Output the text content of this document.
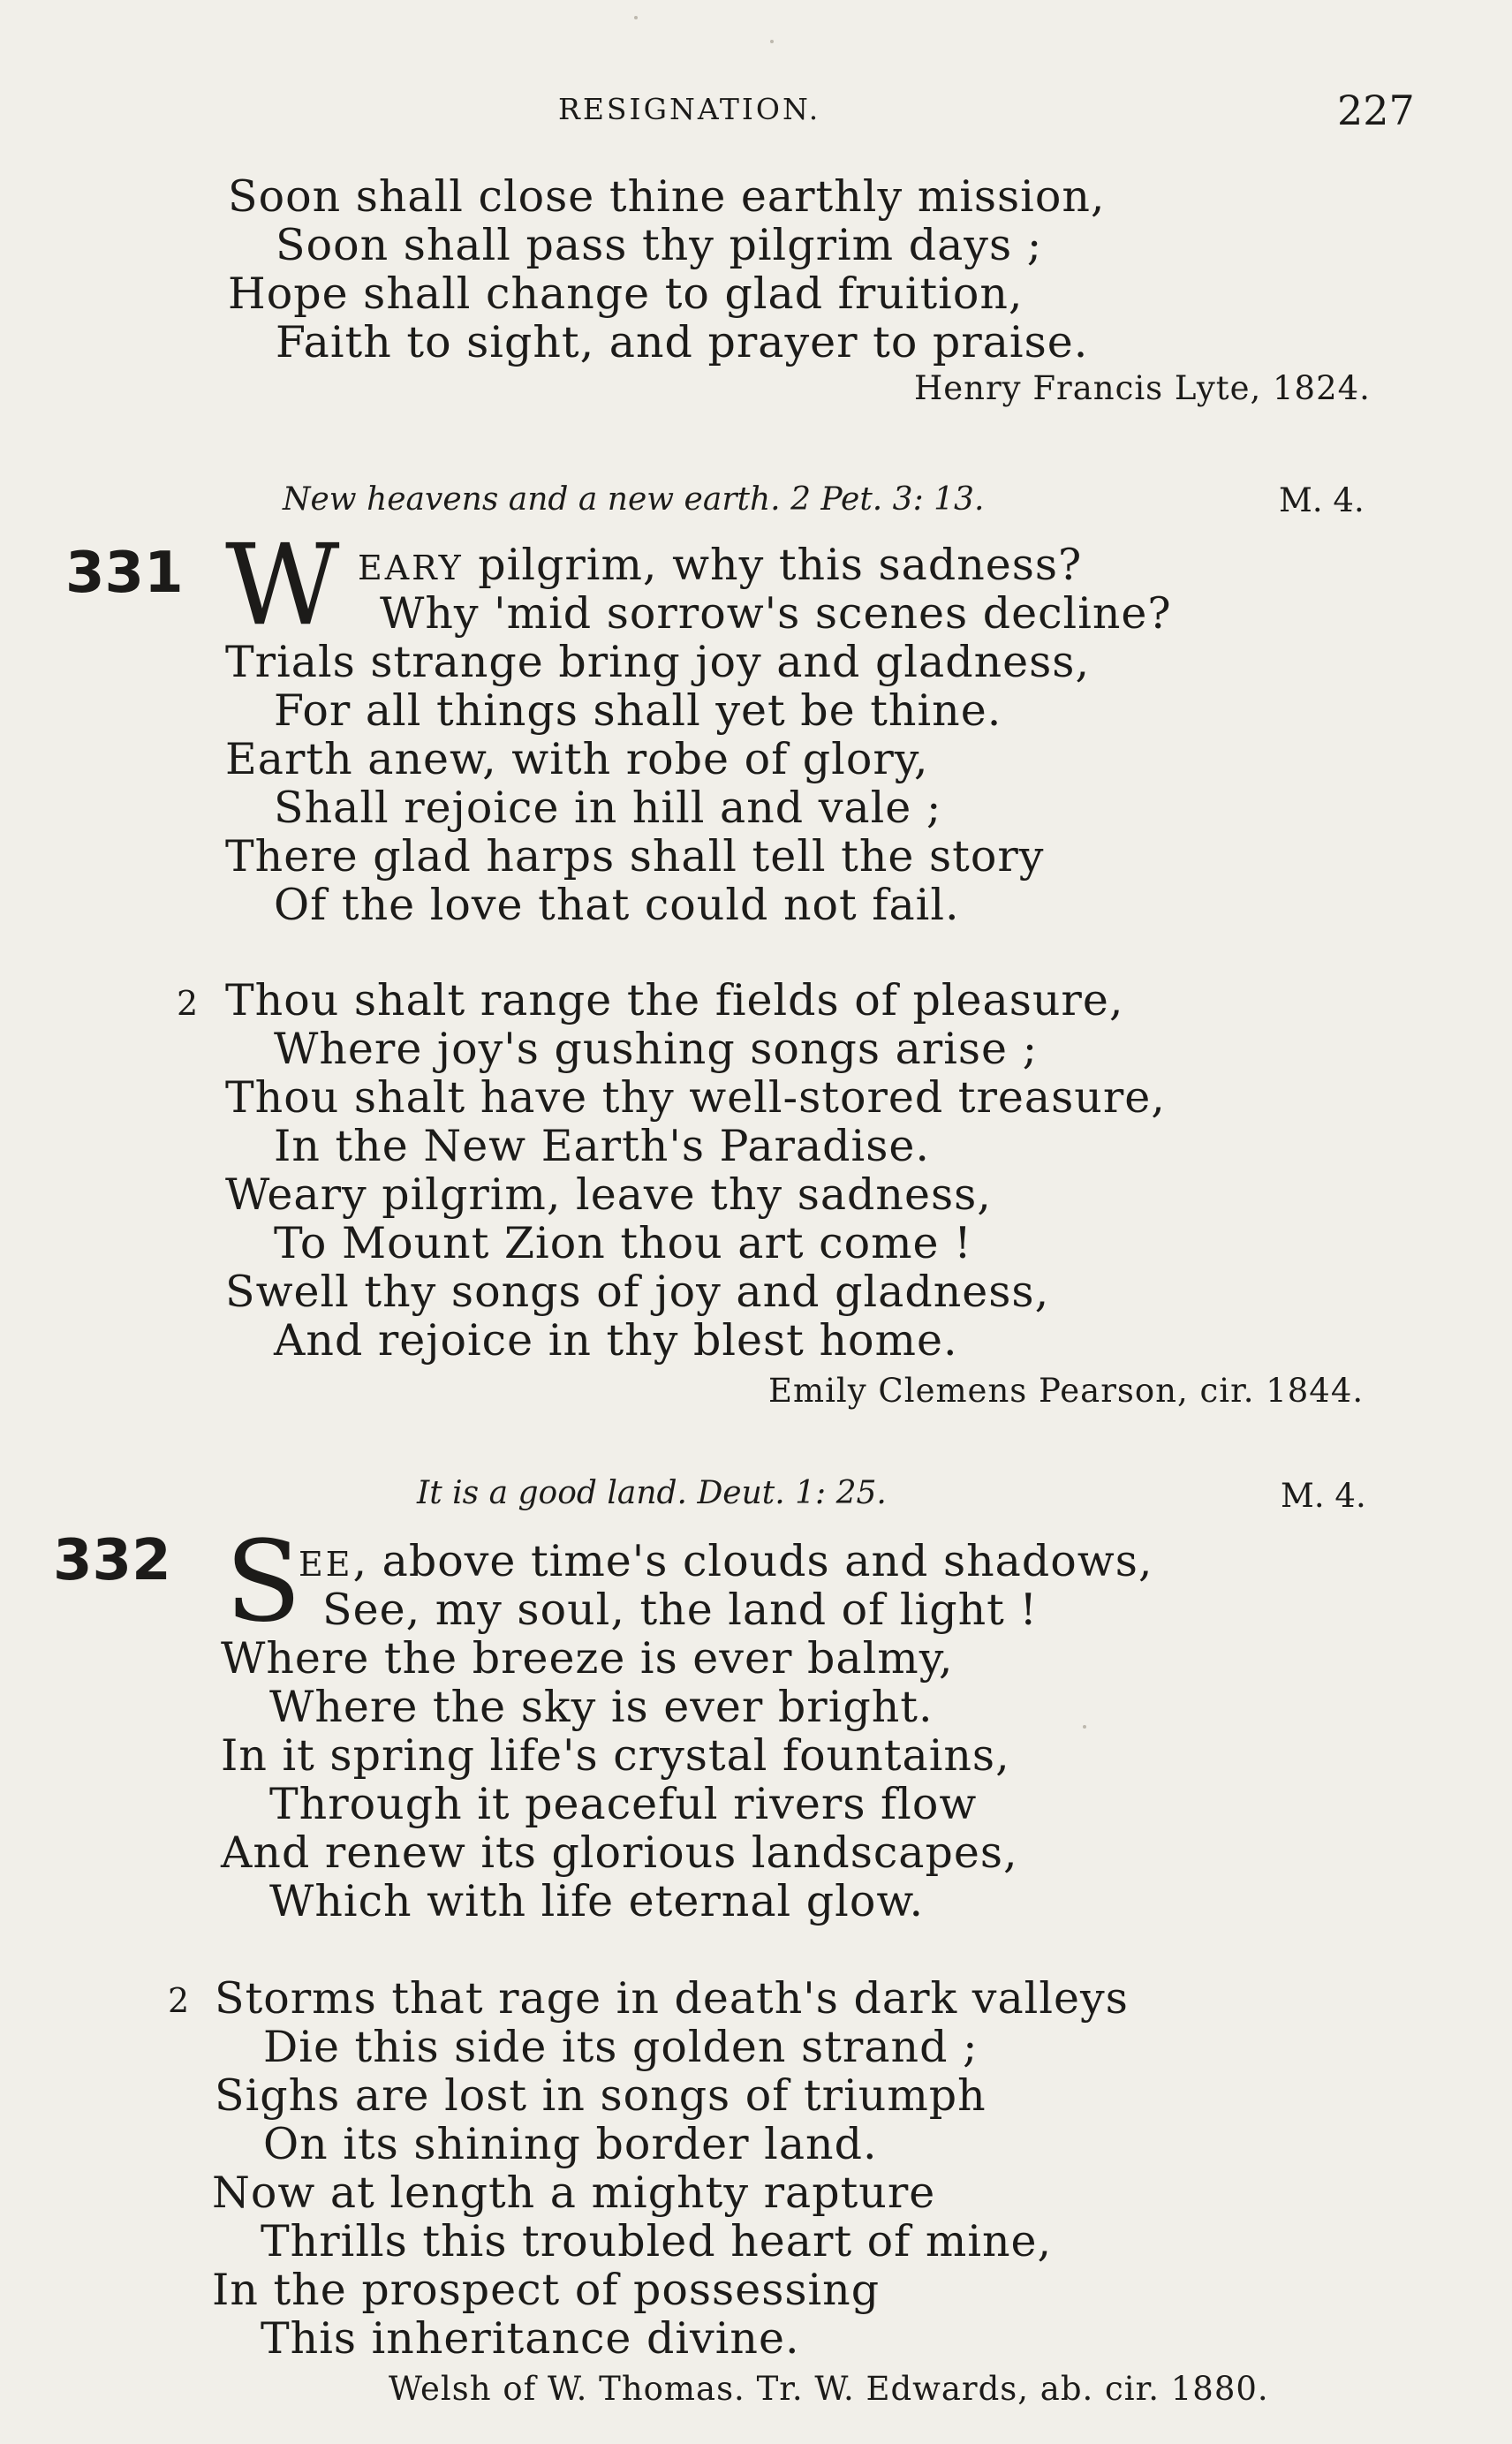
RESIGNATION.	227
Soon shall close thine earthly mission,
Soon shall pass thy pilgrim days ;
Hope shall change to glad fruition,
Faith to sight, and prayer to praise.
Henry Francis Lyte, 1824.
New heavens and a new earth. 2 Pet. 3: 13.	M. 4.
331 W EARY pilgrim, why this sadness?
Why 'mid sorrow's scenes decline?
Trials strange bring joy and gladness,
For all things shall yet be thine.
Earth anew, with robe of glory,
Shall rejoice in hill and vale ;
There glad harps shall tell the story
Of the love that could not fail.
2 Thou shalt range the fields of pleasure,
Where joy's gushing songs arise ;
Thou shalt have thy well-stored treasure,
In the New Earth's Paradise.
Weary pilgrim, leave thy sadness,
To Mount Zion thou art come !
Swell thy songs of joy and gladness,
And rejoice in thy blest home.
Emily Clemens Pearson, cir. 1844.
It is a good land. Deut. 1: 25.	M. 4.
332 S
EE, above time's clouds and shadows,
See, my soul, the land of light !
Where the breeze is ever balmy,
Where the sky is ever bright.
In it spring life's crystal fountains,
Through it peaceful rivers flow
And renew its glorious landscapes,
Which with life eternal glow.
2 Storms that rage in death's dark valleys
Die this side its golden strand ;
Sighs are lost in songs of triumph
On its shining border land.
Now at length a mighty rapture
Thrills this troubled heart of mine,
In the prospect of possessing
This inheritance divine.
Welsh of W. Thomas. Tr. W. Edwards, ab. cir. 1880.
